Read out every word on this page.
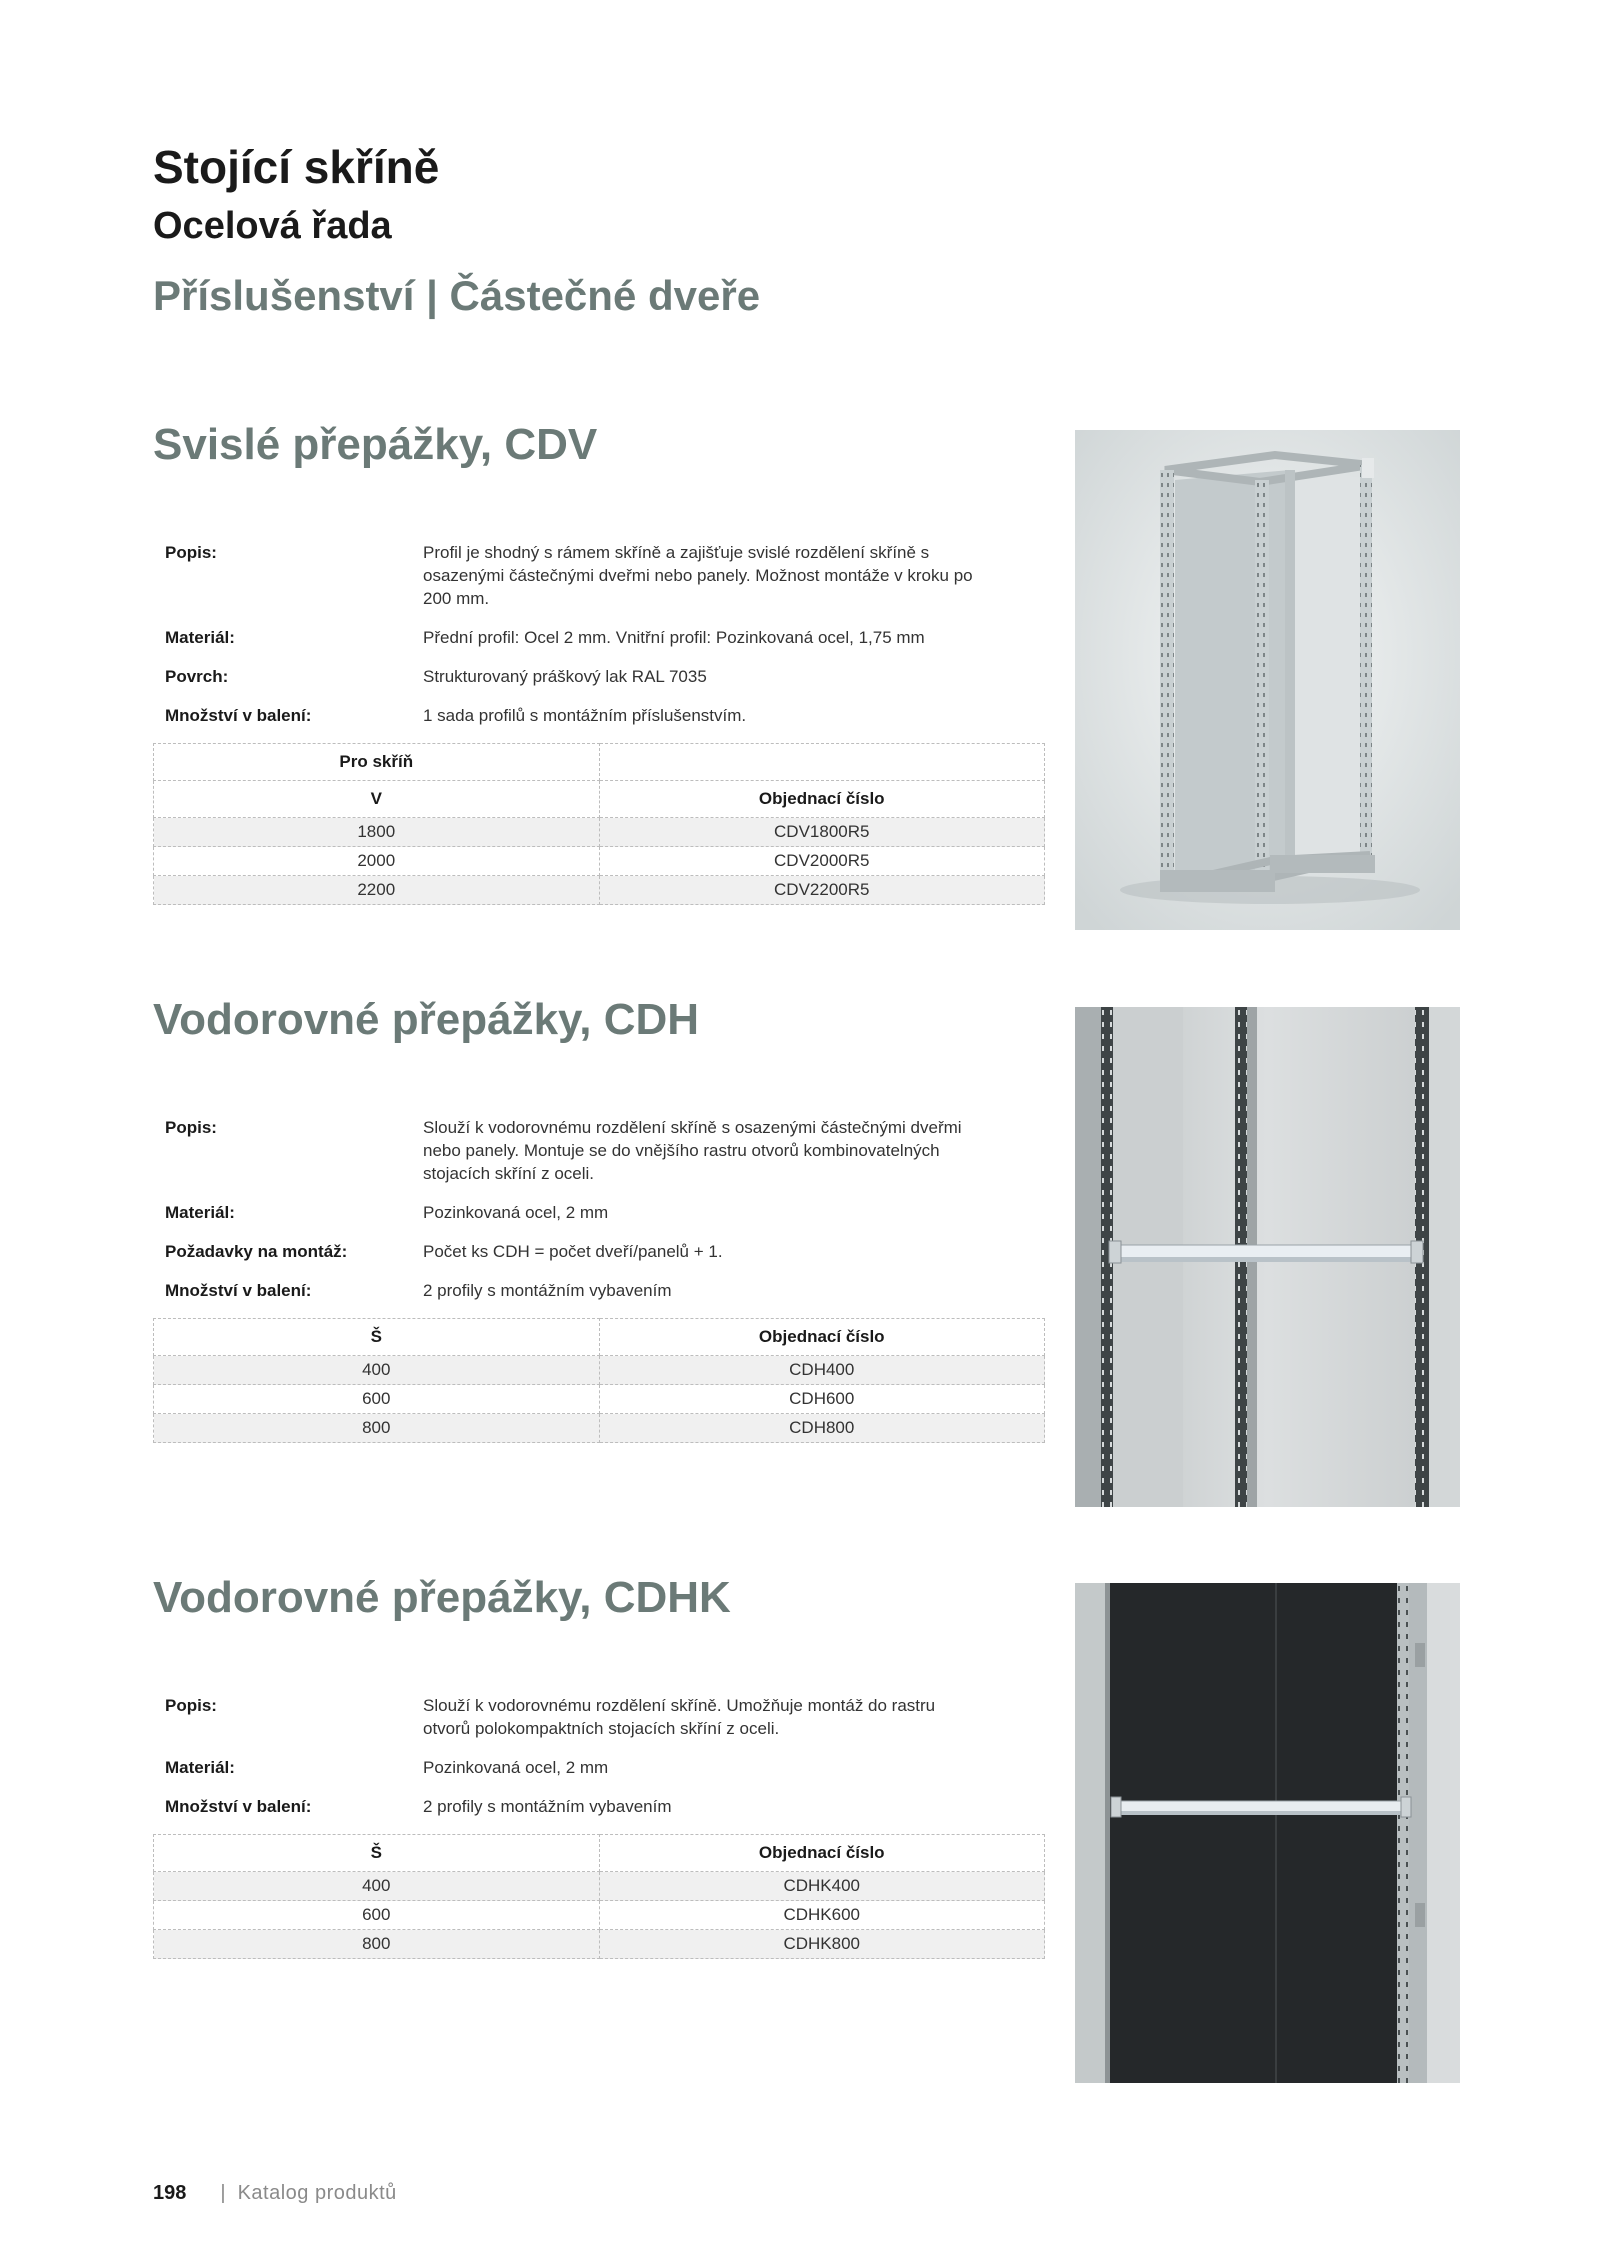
Stojící skříně
Ocelová řada
Příslušenství | Částečné dveře
Svislé přepážky, CDV
Popis:	Profil je shodný s rámem skříně a zajišťuje svislé rozdělení skříně s osazenými částečnými dveřmi nebo panely. Možnost montáže v kroku po 200 mm.
Materiál:	Přední profil: Ocel 2 mm. Vnitřní profil: Pozinkovaná ocel, 1,75 mm
Povrch:	Strukturovaný práškový lak RAL 7035
Množství v balení:	1 sada profilů s montážním příslušenstvím.
Pro skříň	
V	Objednací číslo
1800	CDV1800R5
2000	CDV2000R5
2200	CDV2200R5
Vodorovné přepážky, CDH
Popis:	Slouží k vodorovnému rozdělení skříně s osazenými částečnými dveřmi nebo panely. Montuje se do vnějšího rastru otvorů kombinovatelných stojacích skříní z oceli.
Materiál:	Pozinkovaná ocel, 2 mm
Požadavky na montáž:	Počet ks CDH = počet dveří/panelů + 1.
Množství v balení:	2 profily s montážním vybavením
Š	Objednací číslo
400	CDH400
600	CDH600
800	CDH800
Vodorovné přepážky, CDHK
Popis:	Slouží k vodorovnému rozdělení skříně. Umožňuje montáž do rastru otvorů polokompaktních stojacích skříní z oceli.
Materiál:	Pozinkovaná ocel, 2 mm
Množství v balení:	2 profily s montážním vybavením
Š	Objednací číslo
400	CDHK400
600	CDHK600
800	CDHK800
198 | Katalog produktů
